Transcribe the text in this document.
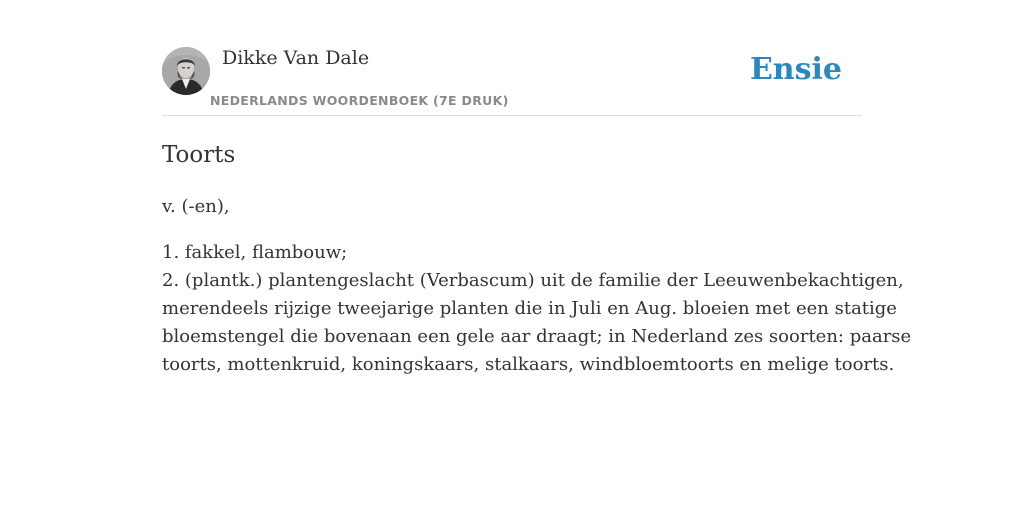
Dikke Van Dale
NEDERLANDS WOORDENBOEK (7E DRUK)
Ensie
Toorts
v. (-en),
1. fakkel, flambouw;
2. (plantk.) plantengeslacht (Verbascum) uit de familie der Leeuwenbekachtigen,
merendeels rijzige tweejarige planten die in Juli en Aug. bloeien met een statige
bloemstengel die bovenaan een gele aar draagt; in Nederland zes soorten: paarse
toorts, mottenkruid, koningskaars, stalkaars, windbloemtoorts en melige toorts.
